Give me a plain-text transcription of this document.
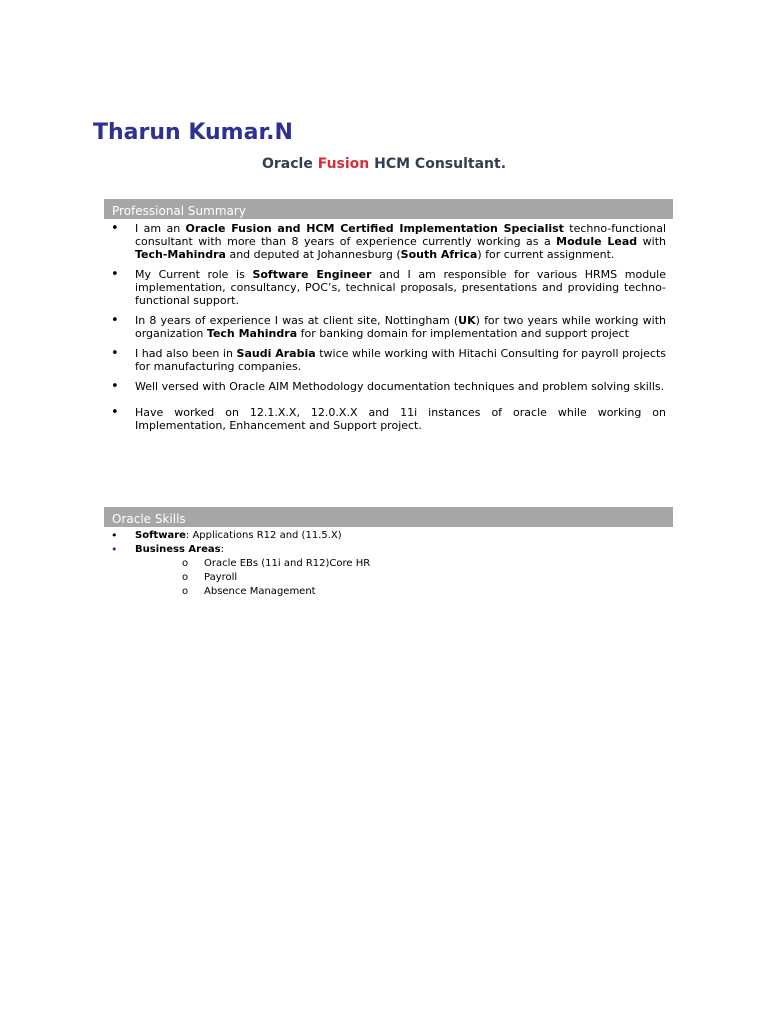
Tharun Kumar.N

Oracle Fusion HCM Consultant.

Professional Summary
• I am an Oracle Fusion and HCM Certified Implementation Specialist techno-functional consultant with more than 8 years of experience currently working as a Module Lead with Tech-Mahindra and deputed at Johannesburg (South Africa) for current assignment.
• My Current role is Software Engineer and I am responsible for various HRMS module implementation, consultancy, POC’s, technical proposals, presentations and providing techno-functional support.
• In 8 years of experience I was at client site, Nottingham (UK) for two years while working with organization Tech Mahindra for banking domain for implementation and support project
• I had also been in Saudi Arabia twice while working with Hitachi Consulting for payroll projects for manufacturing companies.
• Well versed with Oracle AIM Methodology documentation techniques and problem solving skills.
• Have worked on 12.1.X.X, 12.0.X.X and 11i instances of oracle while working on Implementation, Enhancement and Support project.
Oracle Skills
• Software: Applications R12 and (11.5.X)
• Business Areas:
o Oracle EBs (11i and R12)Core HR
o Payroll
o Absence Management
